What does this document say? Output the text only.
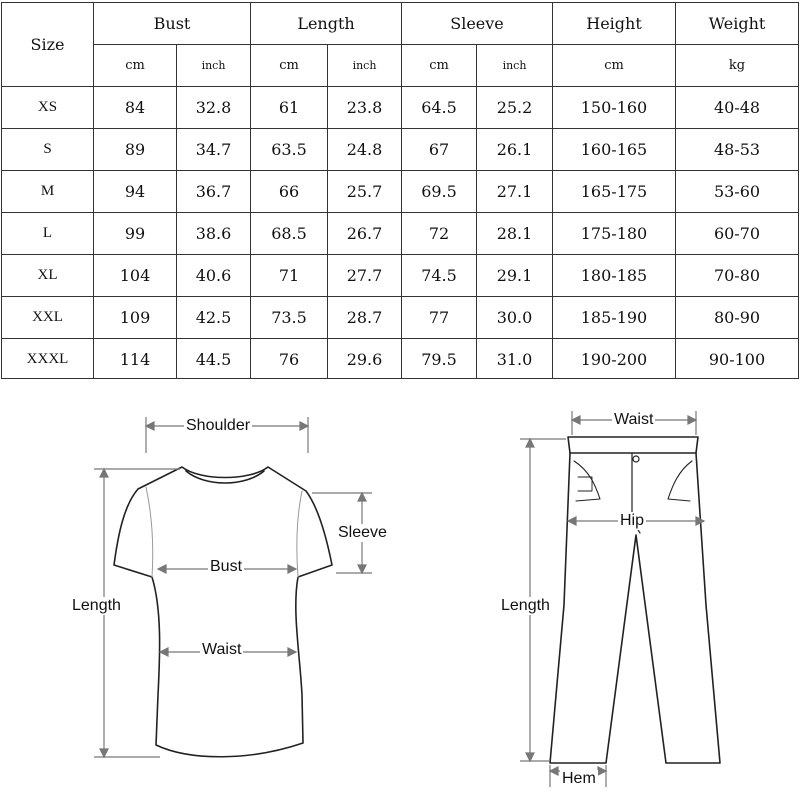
Size
Bust	Length	Sleeve	Height	Weight
cm	inch	cm	inch	cm	inch	cm	kg
XS	84	32.8	61	23.8	64.5	25.2	150-160	40-48
S	89	34.7	63.5	24.8	67	26.1	160-165	48-53
M	94	36.7	66	25.7	69.5	27.1	165-175	53-60
L	99	38.6	68.5	26.7	72	28.1	175-180	60-70
XL	104	40.6	71	27.7	74.5	29.1	180-185	70-80
XXL	109	42.5	73.5	28.7	77	30.0	185-190	80-90
XXXL	114	44.5	76	29.6	79.5	31.0	190-200	90-100
Shoulder
Sleeve
Bust
Length
Waist
Waist
Hip
Length
Hem
